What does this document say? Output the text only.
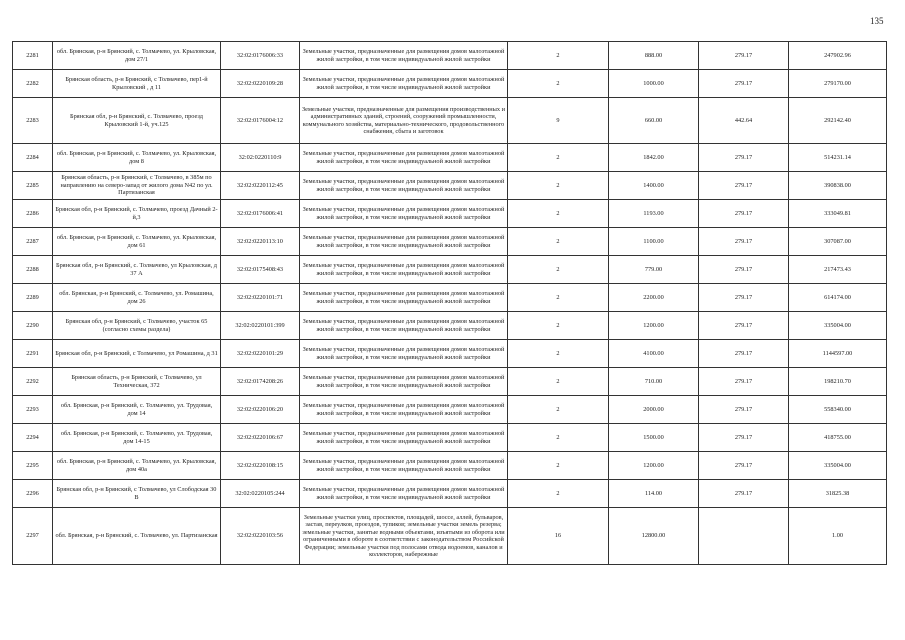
135
2281	обл. Брянская, р-н Брянский, с. Толмачево, ул. Крыловская, дом 27/1	32:02:0176006:33	Земельные участки, предназначенные для размещения домов малоэтажной жилой застройки, в том числе индивидуальной жилой застройки	2	888.00	279.17	247902.96
2282	Брянская область, р-н Брянский, с Толмачево, пер1-й Крыловский , д 11	32:02:0220109:28	Земельные участки, предназначенные для размещения домов малоэтажной жилой застройки, в том числе индивидуальной жилой застройки	2	1000.00	279.17	279170.00
2283	Брянская обл, р-н Брянский, с. Толмачево, проезд Крыловский 1-й, уч.125	32:02:0176004:12	Земельные участки, предназначенные для размещения производственных и административных зданий, строений, сооружений промышленности, коммунального хозяйства, материально-технического, продовольственного снабжения, сбыта и заготовок	9	660.00	442.64	292142.40
2284	обл. Брянская, р-н Брянский, с. Толмачево, ул. Крыловская, дом 8	32:02:0220110:9	Земельные участки, предназначенные для размещения домов малоэтажной жилой застройки, в том числе индивидуальной жилой застройки	2	1842.00	279.17	514231.14
2285	Брянская область, р-н Брянский, с Толмачево, в 385м по направлению на северо-запад от жилого дома N42 по ул. Партизанская	32:02:0220112:45	Земельные участки, предназначенные для размещения домов малоэтажной жилой застройки, в том числе индивидуальной жилой застройки	2	1400.00	279.17	390838.00
2286	Брянская обл, р-н Брянский, с. Толмачево, проезд Дачный 2-й,3	32:02:0176006:41	Земельные участки, предназначенные для размещения домов малоэтажной жилой застройки, в том числе индивидуальной жилой застройки	2	1193.00	279.17	333049.81
2287	обл. Брянская, р-н Брянский, с. Толмачево, ул. Крыловская, дом 61	32:02:0220113:10	Земельные участки, предназначенные для размещения домов малоэтажной жилой застройки, в том числе индивидуальной жилой застройки	2	1100.00	279.17	307087.00
2288	Брянская обл, р-н Брянский, с. Толмачево, ул Крыловская, д 37 А	32:02:0175408:43	Земельные участки, предназначенные для размещения домов малоэтажной жилой застройки, в том числе индивидуальной жилой застройки	2	779.00	279.17	217473.43
2289	обл. Брянская, р-н Брянский, с. Толмачево, ул. Ромашина, дом 26	32:02:0220101:71	Земельные участки, предназначенные для размещения домов малоэтажной жилой застройки, в том числе индивидуальной жилой застройки	2	2200.00	279.17	614174.00
2290	Брянская обл, р-н Брянский, с Толмачево, участок 65 (согласно схемы раздела)	32:02:0220101:399	Земельные участки, предназначенные для размещения домов малоэтажной жилой застройки, в том числе индивидуальной жилой застройки	2	1200.00	279.17	335004.00
2291	Брянская обл, р-н Брянский, с Толмачево, ул Ромашина, д 31	32:02:0220101:29	Земельные участки, предназначенные для размещения домов малоэтажной жилой застройки, в том числе индивидуальной жилой застройки	2	4100.00	279.17	1144597.00
2292	Брянская область, р-н Брянский, с Толмачево, ул Техническая, 372	32:02:0174208:26	Земельные участки, предназначенные для размещения домов малоэтажной жилой застройки, в том числе индивидуальной жилой застройки	2	710.00	279.17	198210.70
2293	обл. Брянская, р-н Брянский, с. Толмачево, ул. Трудовая, дом 14	32:02:0220106:20	Земельные участки, предназначенные для размещения домов малоэтажной жилой застройки, в том числе индивидуальной жилой застройки	2	2000.00	279.17	558340.00
2294	обл. Брянская, р-н Брянский, с. Толмачево, ул. Трудовая, дом 14-15	32:02:0220106:67	Земельные участки, предназначенные для размещения домов малоэтажной жилой застройки, в том числе индивидуальной жилой застройки	2	1500.00	279.17	418755.00
2295	обл. Брянская, р-н Брянский, с. Толмачево, ул. Крыловская, дом 40а	32:02:0220108:15	Земельные участки, предназначенные для размещения домов малоэтажной жилой застройки, в том числе индивидуальной жилой застройки	2	1200.00	279.17	335004.00
2296	Брянская обл, р-н Брянский, с Толмачево, ул Слободская 30 В	32:02:0220105:244	Земельные участки, предназначенные для размещения домов малоэтажной жилой застройки, в том числе индивидуальной жилой застройки	2	114.00	279.17	31825.38
2297	обл. Брянская, р-н Брянский, с. Толмачево, ул. Партизанская	32:02:0220103:56	Земельные участки улиц, проспектов, площадей, шоссе, аллей, бульваров, застав, переулков, проездов, тупиков; земельные участки земель резерва; земельные участки, занятые водными объектами, изъятыми из оборота или ограниченными в обороте в соответствии с законодательством Российской Федерации; земельные участки под полосами отвода водоемов, каналов и коллекторов, набережные	16	12800.00		1.00
